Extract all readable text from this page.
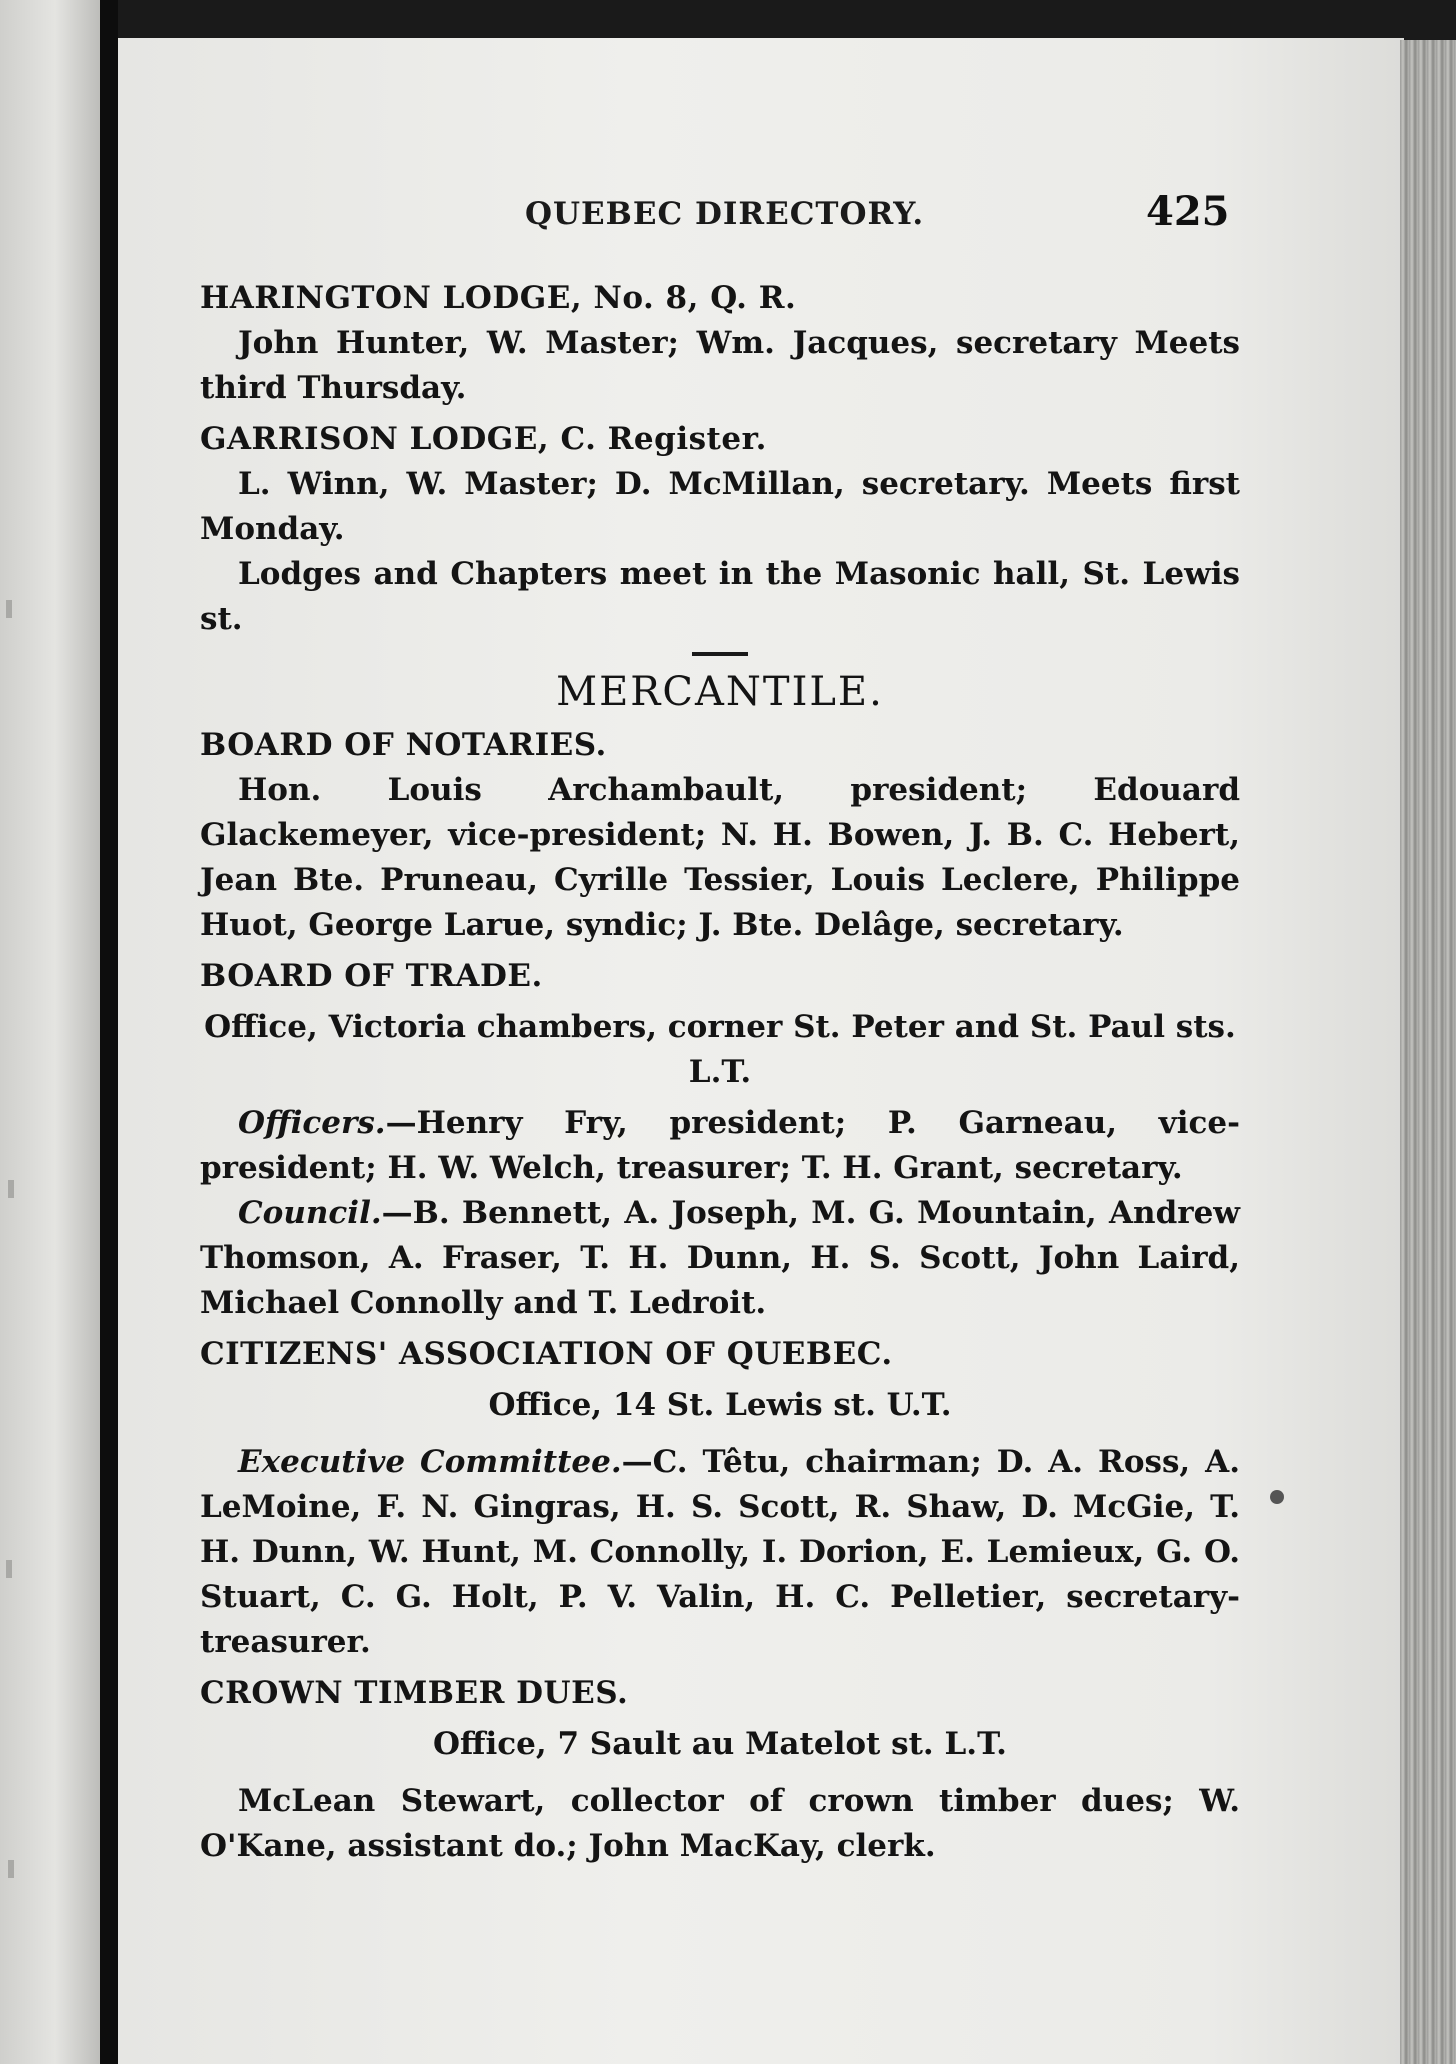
QUEBEC DIRECTORY.	425
HARINGTON LODGE, No. 8, Q. R.

John Hunter, W. Master; Wm. Jacques, secretary Meets third Thursday.

GARRISON LODGE, C. Register.

L. Winn, W. Master; D. McMillan, secretary. Meets first Monday.

Lodges and Chapters meet in the Masonic hall, St. Lewis st.

MERCANTILE.
BOARD OF NOTARIES.

Hon. Louis Archambault, president; Edouard Glackemeyer, vice-president; N. H. Bowen, J. B. C. Hebert, Jean Bte. Pruneau, Cyrille Tessier, Louis Leclere, Philippe Huot, George Larue, syndic; J. Bte. Delâge, secretary.

BOARD OF TRADE.

Office, Victoria chambers, corner St. Peter and St. Paul sts. L.T.

Officers.—Henry Fry, president; P. Garneau, vice-president; H. W. Welch, treasurer; T. H. Grant, secretary.

Council.—B. Bennett, A. Joseph, M. G. Mountain, Andrew Thomson, A. Fraser, T. H. Dunn, H. S. Scott, John Laird, Michael Connolly and T. Ledroit.

CITIZENS' ASSOCIATION OF QUEBEC.

Office, 14 St. Lewis st. U.T.

Executive Committee.—C. Têtu, chairman; D. A. Ross, A. LeMoine, F. N. Gingras, H. S. Scott, R. Shaw, D. McGie, T. H. Dunn, W. Hunt, M. Connolly, I. Dorion, E. Lemieux, G. O. Stuart, C. G. Holt, P. V. Valin, H. C. Pelletier, secretary-treasurer.

CROWN TIMBER DUES.

Office, 7 Sault au Matelot st. L.T.

McLean Stewart, collector of crown timber dues; W. O'Kane, assistant do.; John MacKay, clerk.
